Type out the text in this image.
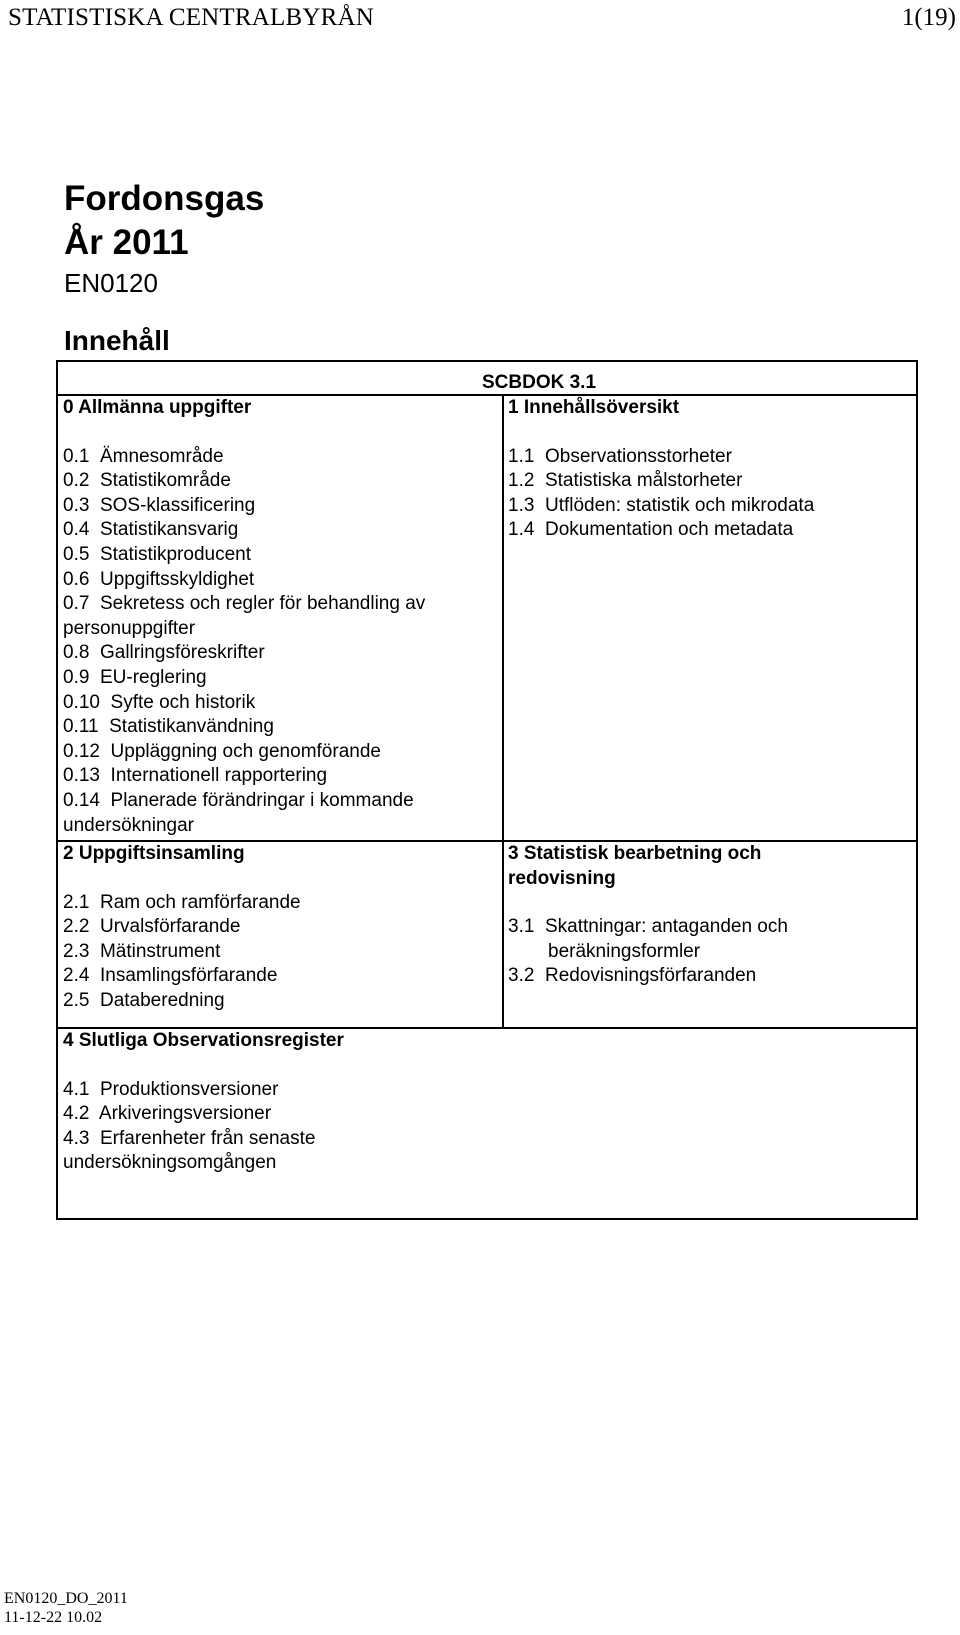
STATISTISKA CENTRALBYRÅN	1(19)
Fordonsgas
År 2011
EN0120
Innehåll
SCBDOK 3.1
0 Allmänna uppgifter
0.1  Ämnesområde
0.2  Statistikområde
0.3  SOS-klassificering
0.4  Statistikansvarig
0.5  Statistikproducent
0.6  Uppgiftsskyldighet
0.7  Sekretess och regler för behandling av
personuppgifter
0.8  Gallringsföreskrifter
0.9  EU-reglering
0.10  Syfte och historik
0.11  Statistikanvändning
0.12  Uppläggning och genomförande
0.13  Internationell rapportering
0.14  Planerade förändringar i kommande
undersökningar
1 Innehållsöversikt
1.1  Observationsstorheter
1.2  Statistiska målstorheter
1.3  Utflöden: statistik och mikrodata
1.4  Dokumentation och metadata
2 Uppgiftsinsamling
2.1  Ram och ramförfarande
2.2  Urvalsförfarande
2.3  Mätinstrument
2.4  Insamlingsförfarande
2.5  Databeredning
3 Statistisk bearbetning och
redovisning
3.1  Skattningar: antaganden och
beräkningsformler
3.2  Redovisningsförfaranden
4 Slutliga Observationsregister
4.1  Produktionsversioner
4.2  Arkiveringsversioner
4.3  Erfarenheter från senaste
undersökningsomgången
EN0120_DO_2011
11-12-22 10.02
